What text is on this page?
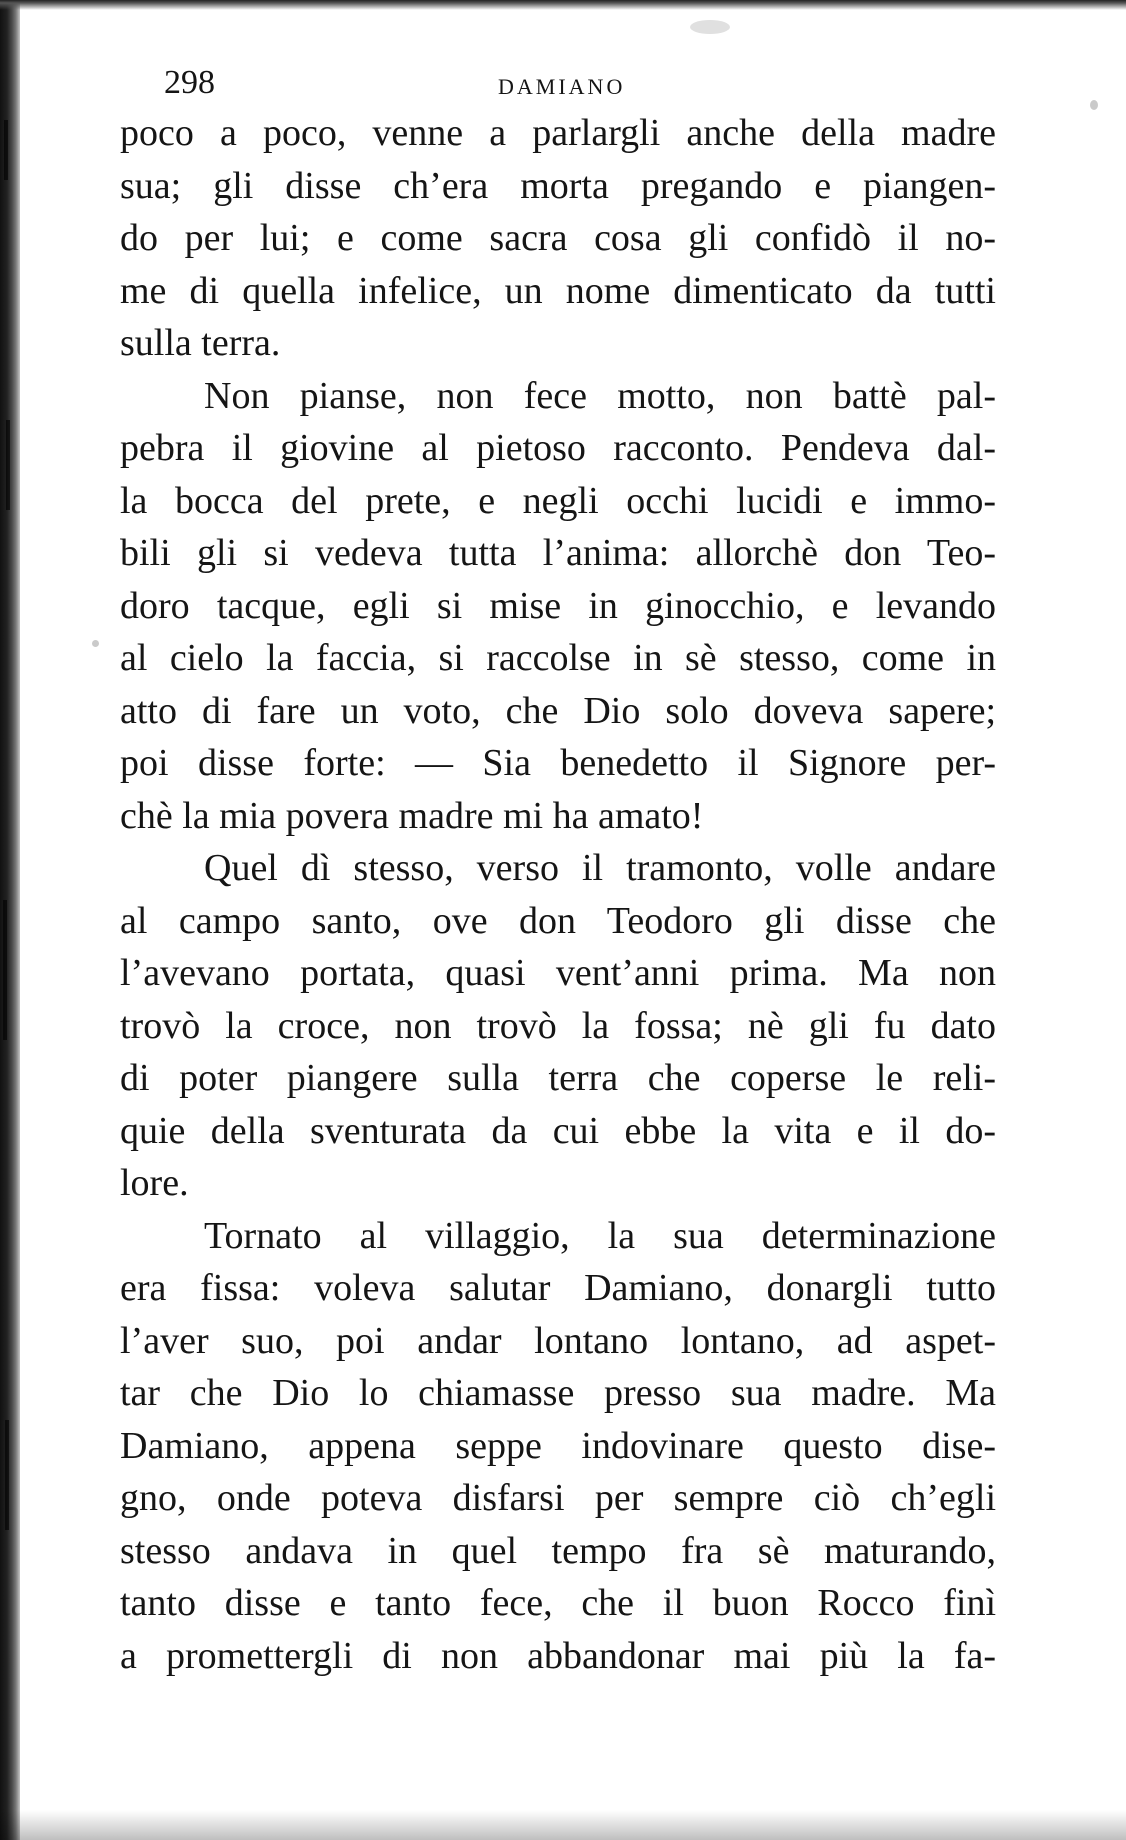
298	DAMIANO
poco a poco, venne a parlargli anche della madre
sua; gli disse ch’era morta pregando e piangen-
do per lui; e come sacra cosa gli confidò il no-
me di quella infelice, un nome dimenticato da tutti
sulla terra.
Non pianse, non fece motto, non battè pal-
pebra il giovine al pietoso racconto. Pendeva dal-
la bocca del prete, e negli occhi lucidi e immo-
bili gli si vedeva tutta l’anima: allorchè don Teo-
doro tacque, egli si mise in ginocchio, e levando
al cielo la faccia, si raccolse in sè stesso, come in
atto di fare un voto, che Dio solo doveva sapere;
poi disse forte: — Sia benedetto il Signore per-
chè la mia povera madre mi ha amato!
Quel dì stesso, verso il tramonto, volle andare
al campo santo, ove don Teodoro gli disse che
l’avevano portata, quasi vent’anni prima. Ma non
trovò la croce, non trovò la fossa; nè gli fu dato
di poter piangere sulla terra che coperse le reli-
quie della sventurata da cui ebbe la vita e il do-
lore.
Tornato al villaggio, la sua determinazione
era fissa: voleva salutar Damiano, donargli tutto
l’aver suo, poi andar lontano lontano, ad aspet-
tar che Dio lo chiamasse presso sua madre. Ma
Damiano, appena seppe indovinare questo dise-
gno, onde poteva disfarsi per sempre ciò ch’egli
stesso andava in quel tempo fra sè maturando,
tanto disse e tanto fece, che il buon Rocco finì
a promettergli di non abbandonar mai più la fa-
